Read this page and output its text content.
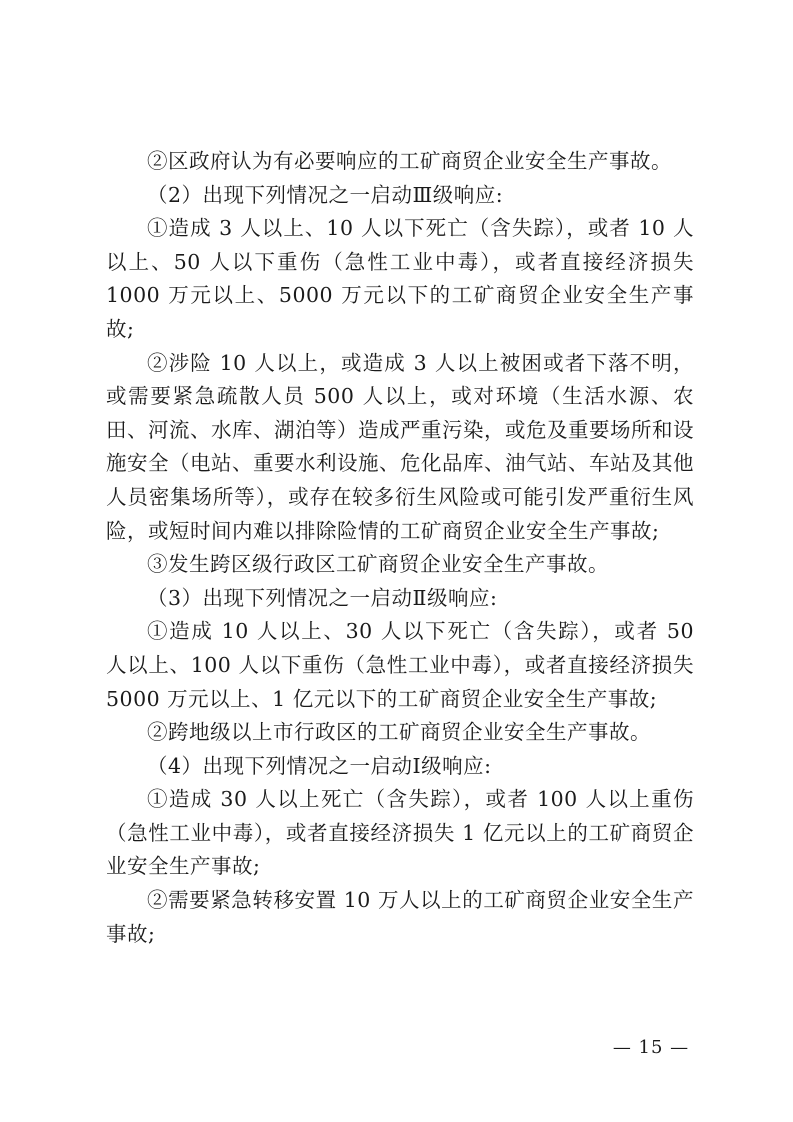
②区政府认为有必要响应的工矿商贸企业安全生产事故。

（2）出现下列情况之一启动Ⅲ级响应:

①造成 3 人以上、10 人以下死亡（含失踪），或者 10 人以上、50 人以下重伤（急性工业中毒），或者直接经济损失 1000 万元以上、5000 万元以下的工矿商贸企业安全生产事故;

②涉险 10 人以上，或造成 3 人以上被困或者下落不明，或需要紧急疏散人员 500 人以上，或对环境（生活水源、农田、河流、水库、湖泊等）造成严重污染，或危及重要场所和设施安全（电站、重要水利设施、危化品库、油气站、车站及其他人员密集场所等），或存在较多衍生风险或可能引发严重衍生风险，或短时间内难以排除险情的工矿商贸企业安全生产事故;

③发生跨区级行政区工矿商贸企业安全生产事故。

（3）出现下列情况之一启动Ⅱ级响应:

①造成 10 人以上、30 人以下死亡（含失踪），或者 50 人以上、100 人以下重伤（急性工业中毒），或者直接经济损失 5000 万元以上、1 亿元以下的工矿商贸企业安全生产事故;

②跨地级以上市行政区的工矿商贸企业安全生产事故。

（4）出现下列情况之一启动Ⅰ级响应:

①造成 30 人以上死亡（含失踪），或者 100 人以上重伤（急性工业中毒），或者直接经济损失 1 亿元以上的工矿商贸企业安全生产事故;

②需要紧急转移安置 10 万人以上的工矿商贸企业安全生产事故;

— 15 —
